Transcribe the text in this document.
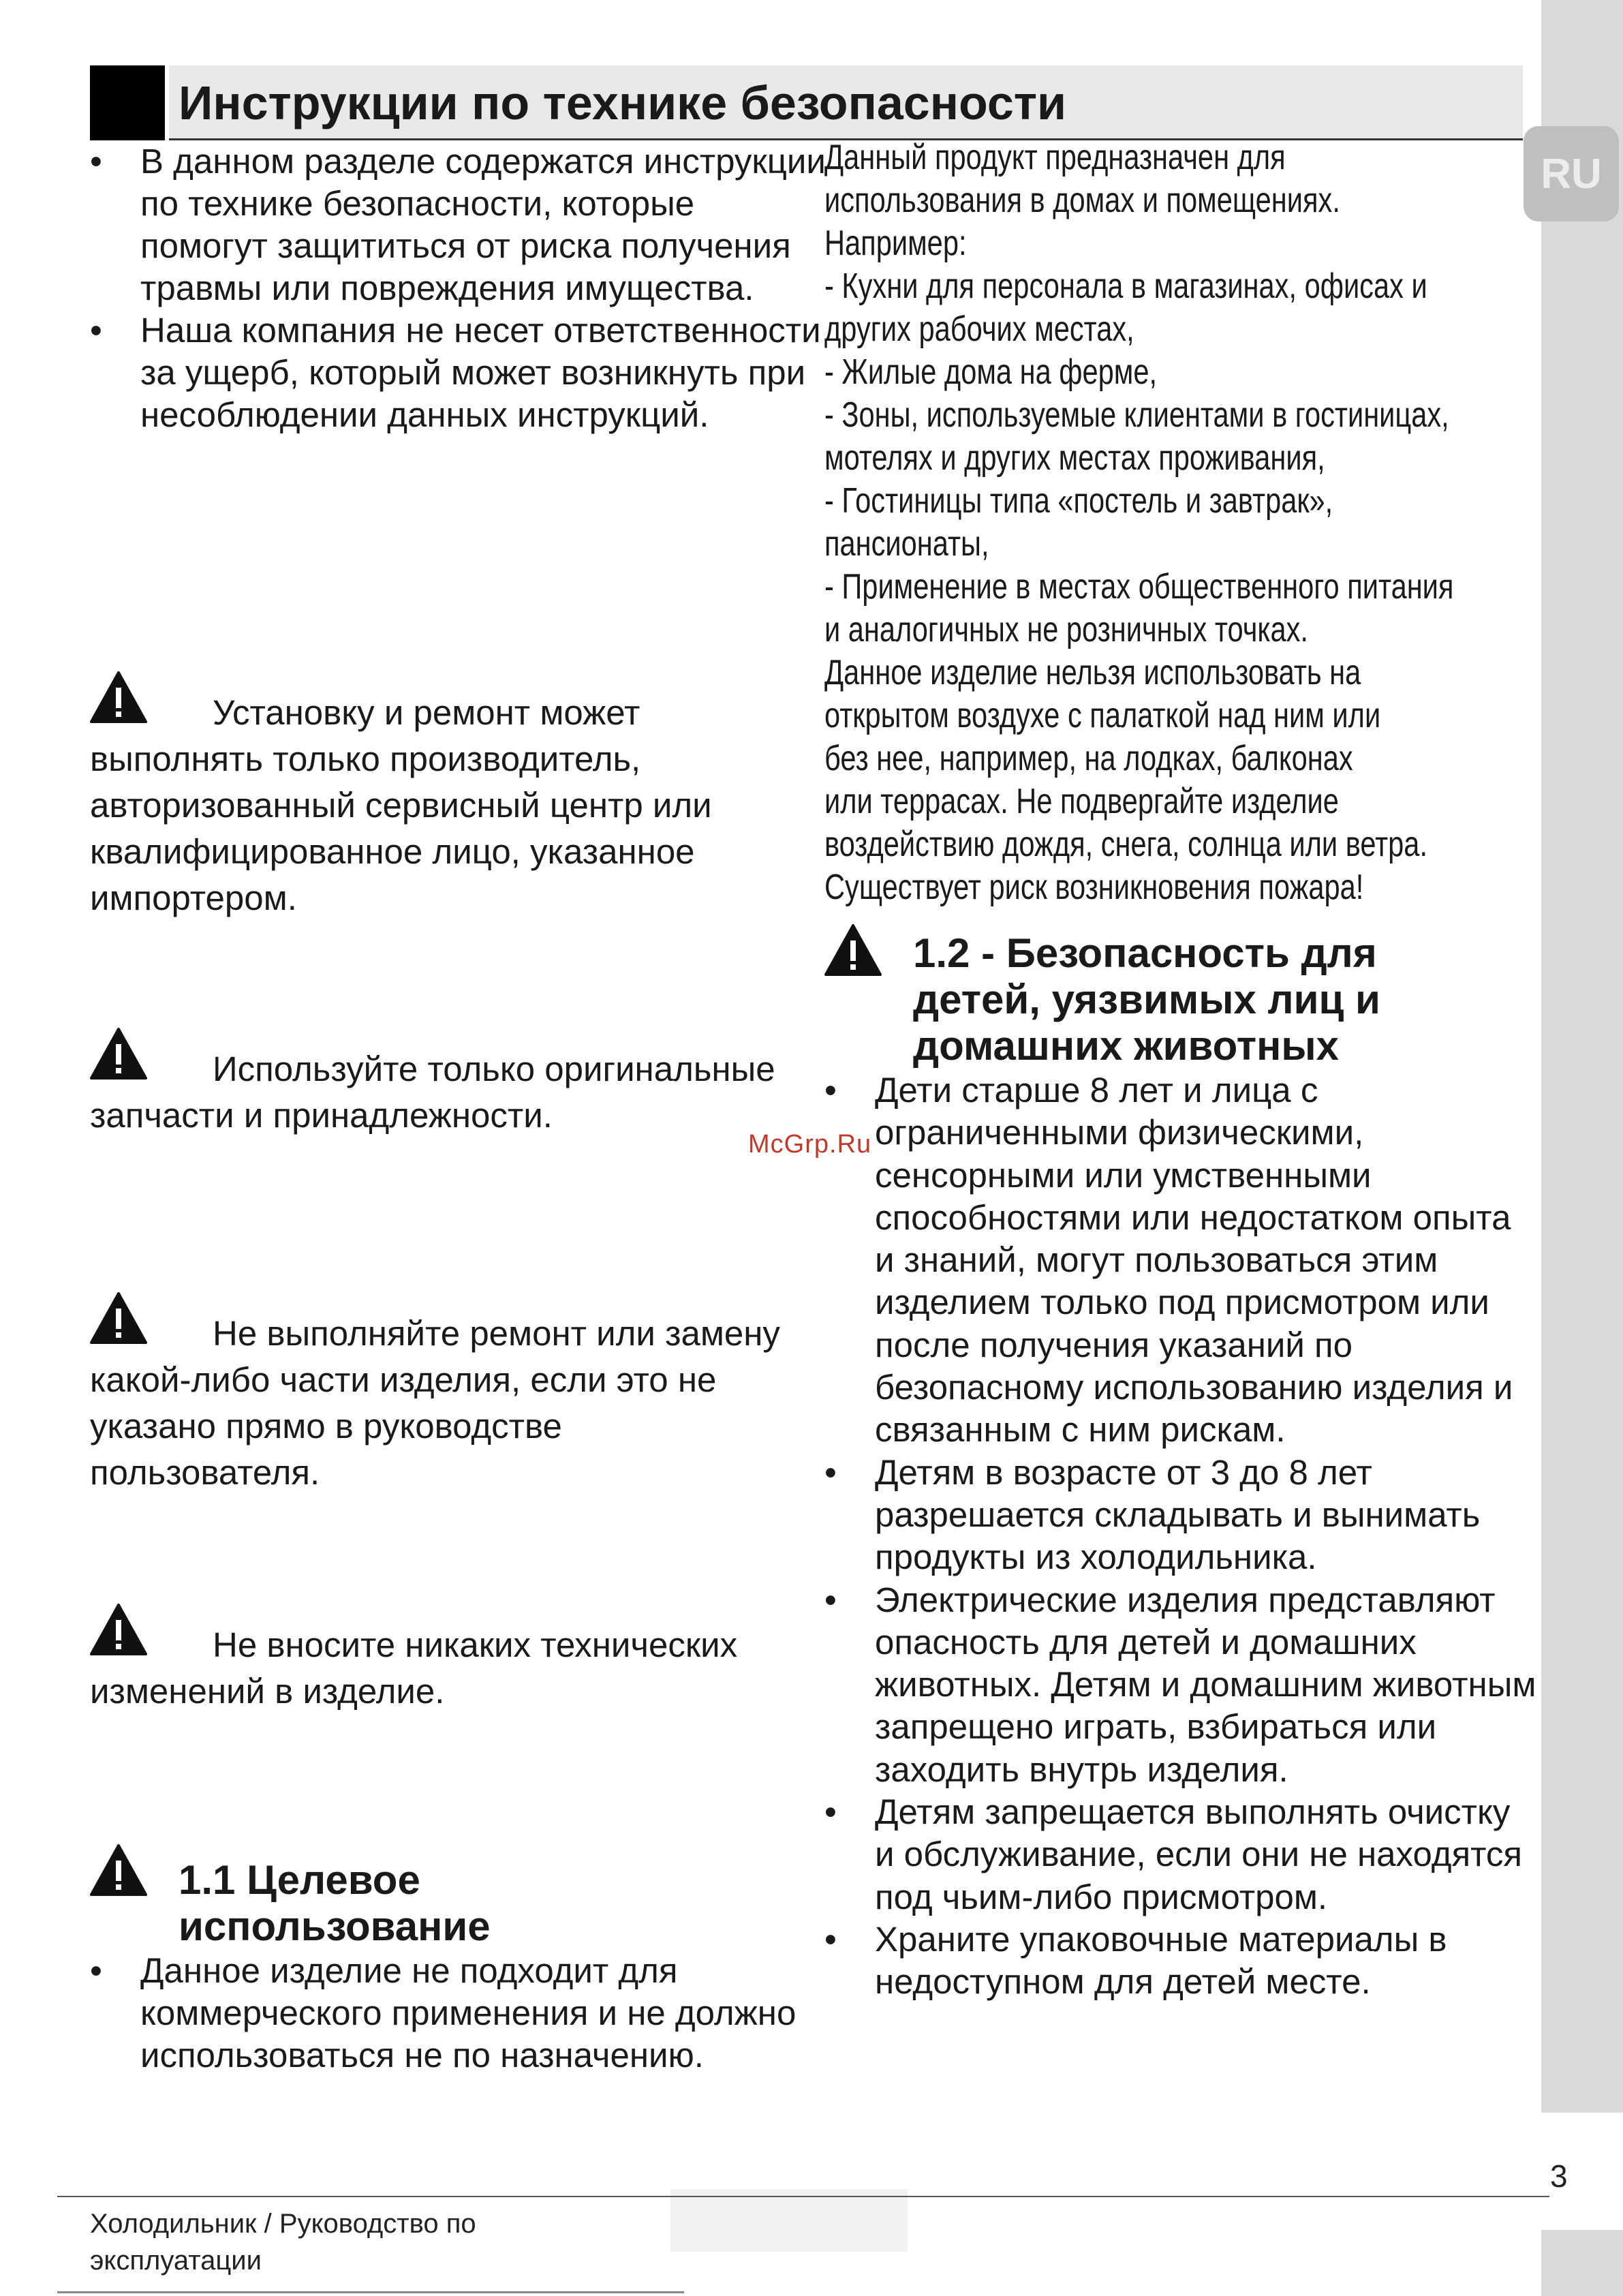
RU
Инструкции по технике безопасности
• В данном разделе содержатся инструкции по технике безопасности, которые помогут защититься от риска получения травмы или повреждения имущества.
• Наша компания не несет ответственности за ущерб, который может возникнуть при несоблюдении данных инструкций.
Установку и ремонт может выполнять только производитель, авторизованный сервисный центр или квалифицированное лицо, указанное импортером.
Используйте только оригинальные запчасти и принадлежности.
Не выполняйте ремонт или замену какой-либо части изделия, если это не указано прямо в руководстве пользователя.
Не вносите никаких технических изменений в изделие.
1.1 Целевое использование
• Данное изделие не подходит для коммерческого применения и не должно использоваться не по назначению.
Данный продукт предназначен для
использования в домах и помещениях.
Например:
- Кухни для персонала в магазинах, офисах и
других рабочих местах,
- Жилые дома на ферме,
- Зоны, используемые клиентами в гостиницах,
мотелях и других местах проживания,
- Гостиницы типа «постель и завтрак»,
пансионаты,
- Применение в местах общественного питания
и аналогичных не розничных точках.
Данное изделие нельзя использовать на
открытом воздухе с палаткой над ним или
без нее, например, на лодках, балконах
или террасах. Не подвергайте изделие
воздействию дождя, снега, солнца или ветра.
Существует риск возникновения пожара!
1.2 - Безопасность для детей, уязвимых лиц и домашних животных
• Дети старше 8 лет и лица с ограниченными физическими, сенсорными или умственными способностями или недостатком опыта и знаний, могут пользоваться этим изделием только под присмотром или после получения указаний по безопасному использованию изделия и связанным с ним рискам.
• Детям в возрасте от 3 до 8 лет разрешается складывать и вынимать продукты из холодильника.
• Электрические изделия представляют опасность для детей и домашних животных. Детям и домашним животным запрещено играть, взбираться или заходить внутрь изделия.
• Детям запрещается выполнять очистку и обслуживание, если они не находятся под чьим-либо присмотром.
• Храните упаковочные материалы в недоступном для детей месте.
McGrp.Ru
Холодильник / Руководство по эксплуатации
3
